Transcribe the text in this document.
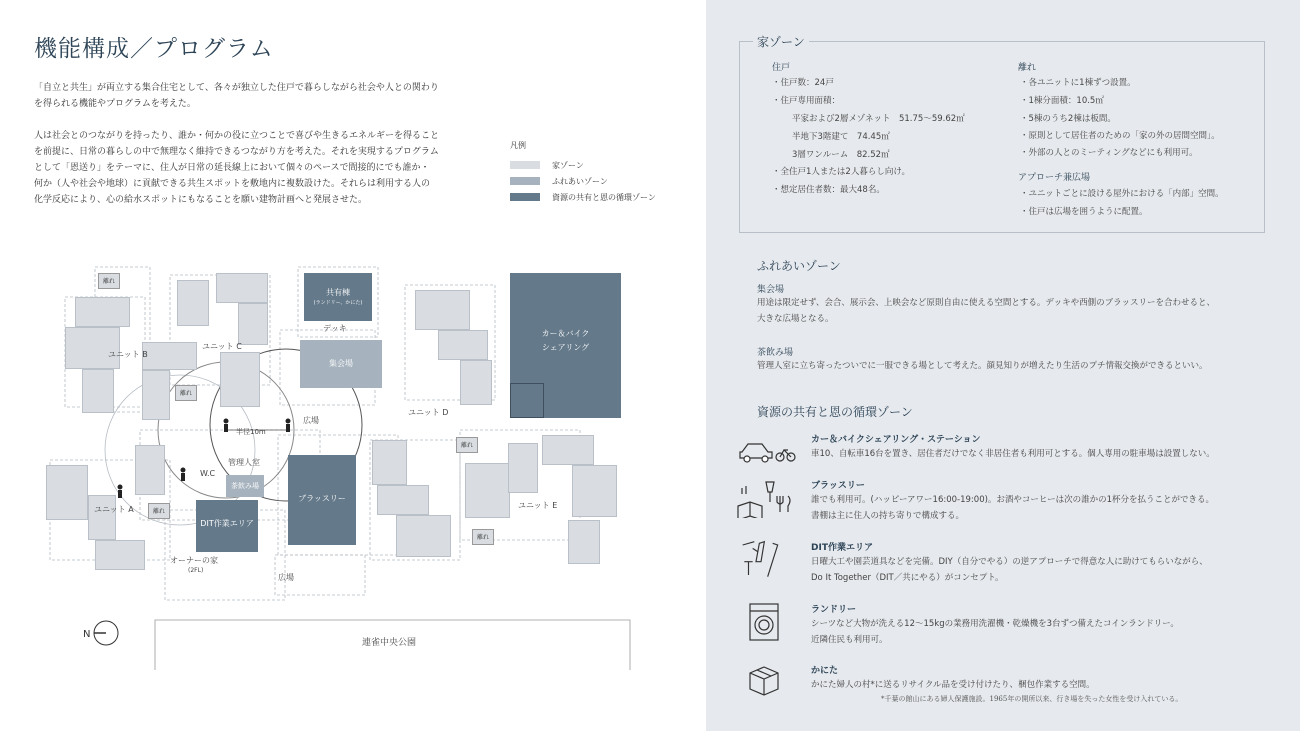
機能構成／プログラム
「自立と共生」が両立する集合住宅として、各々が独立した住戸で暮らしながら社会や人との関わり
を得られる機能やプログラムを考えた。
人は社会とのつながりを持ったり、誰か・何かの役に立つことで喜びや生きるエネルギーを得ること
を前提に、日常の暮らしの中で無理なく維持できるつながり方を考えた。それを実現するプログラム
として「恩送り」をテーマに、住人が日常の延長線上において個々のペースで間接的にでも誰か・
何か（人や社会や地球）に貢献できる共生スポットを敷地内に複数設けた。それらは利用する人の
化学反応により、心の給水スポットにもなることを願い建物計画へと発展させた。
凡例
家ゾーン
ふれあいゾーン
資源の共有と恩の循環ゾーン
N
離れ
離れ
離れ
離れ
離れ
集会場
茶飲み場
共有棟
(ランドリー、かにた)
カー＆バイク
シェアリング
ブラッスリー
DIT作業エリア
ユニット B
ユニット C
ユニット D
ユニット A	ユニット E
デッキ
広場
半径10m
管理人室
W.C
オーナーの家
(2FL)
広場
連雀中央公園
家ゾーン
住戸
・住戸数：24戸
・住戸専用面積：
平家および2層メゾネット　51.75〜59.62㎡
半地下3階建て　74.45㎡
3層ワンルーム　82.52㎡
・全住戸1人または2人暮らし向け。
・想定居住者数：最大48名。
離れ
・各ユニットに1棟ずつ設置。
・1棟分面積：10.5㎡
・5棟のうち2棟は板間。
・原則として居住者のための「家の外の居間空間」。
・外部の人とのミーティングなどにも利用可。
アプローチ兼広場
・ユニットごとに設ける屋外における「内部」空間。
・住戸は広場を囲うように配置。
ふれあいゾーン
集会場
用途は限定せず、会合、展示会、上映会など原則自由に使える空間とする。デッキや西側のブラッスリーを合わせると、
大きな広場となる。
茶飲み場
管理人室に立ち寄ったついでに一服できる場として考えた。顔見知りが増えたり生活のプチ情報交換ができるといい。
資源の共有と恩の循環ゾーン
カー＆バイクシェアリング・ステーション
車10、自転車16台を置き、居住者だけでなく非居住者も利用可とする。個人専用の駐車場は設置しない。
ブラッスリー
誰でも利用可。(ハッピーアワー16:00-19:00)。お酒やコーヒーは次の誰かの1杯分を払うことができる。
書棚は主に住人の持ち寄りで構成する。
DIT作業エリア
日曜大工や園芸道具などを完備。DIY（自分でやる）の逆アプローチで得意な人に助けてもらいながら、
Do It Together（DIT／共にやる）がコンセプト。
ランドリー
シーツなど大物が洗える12〜15kgの業務用洗濯機・乾燥機を3台ずつ備えたコインランドリー。
近隣住民も利用可。
かにた
かにた婦人の村*に送るリサイクル品を受け付けたり、梱包作業する空間。
*千葉の館山にある婦人保護施設。1965年の開所以来、行き場を失った女性を受け入れている。
